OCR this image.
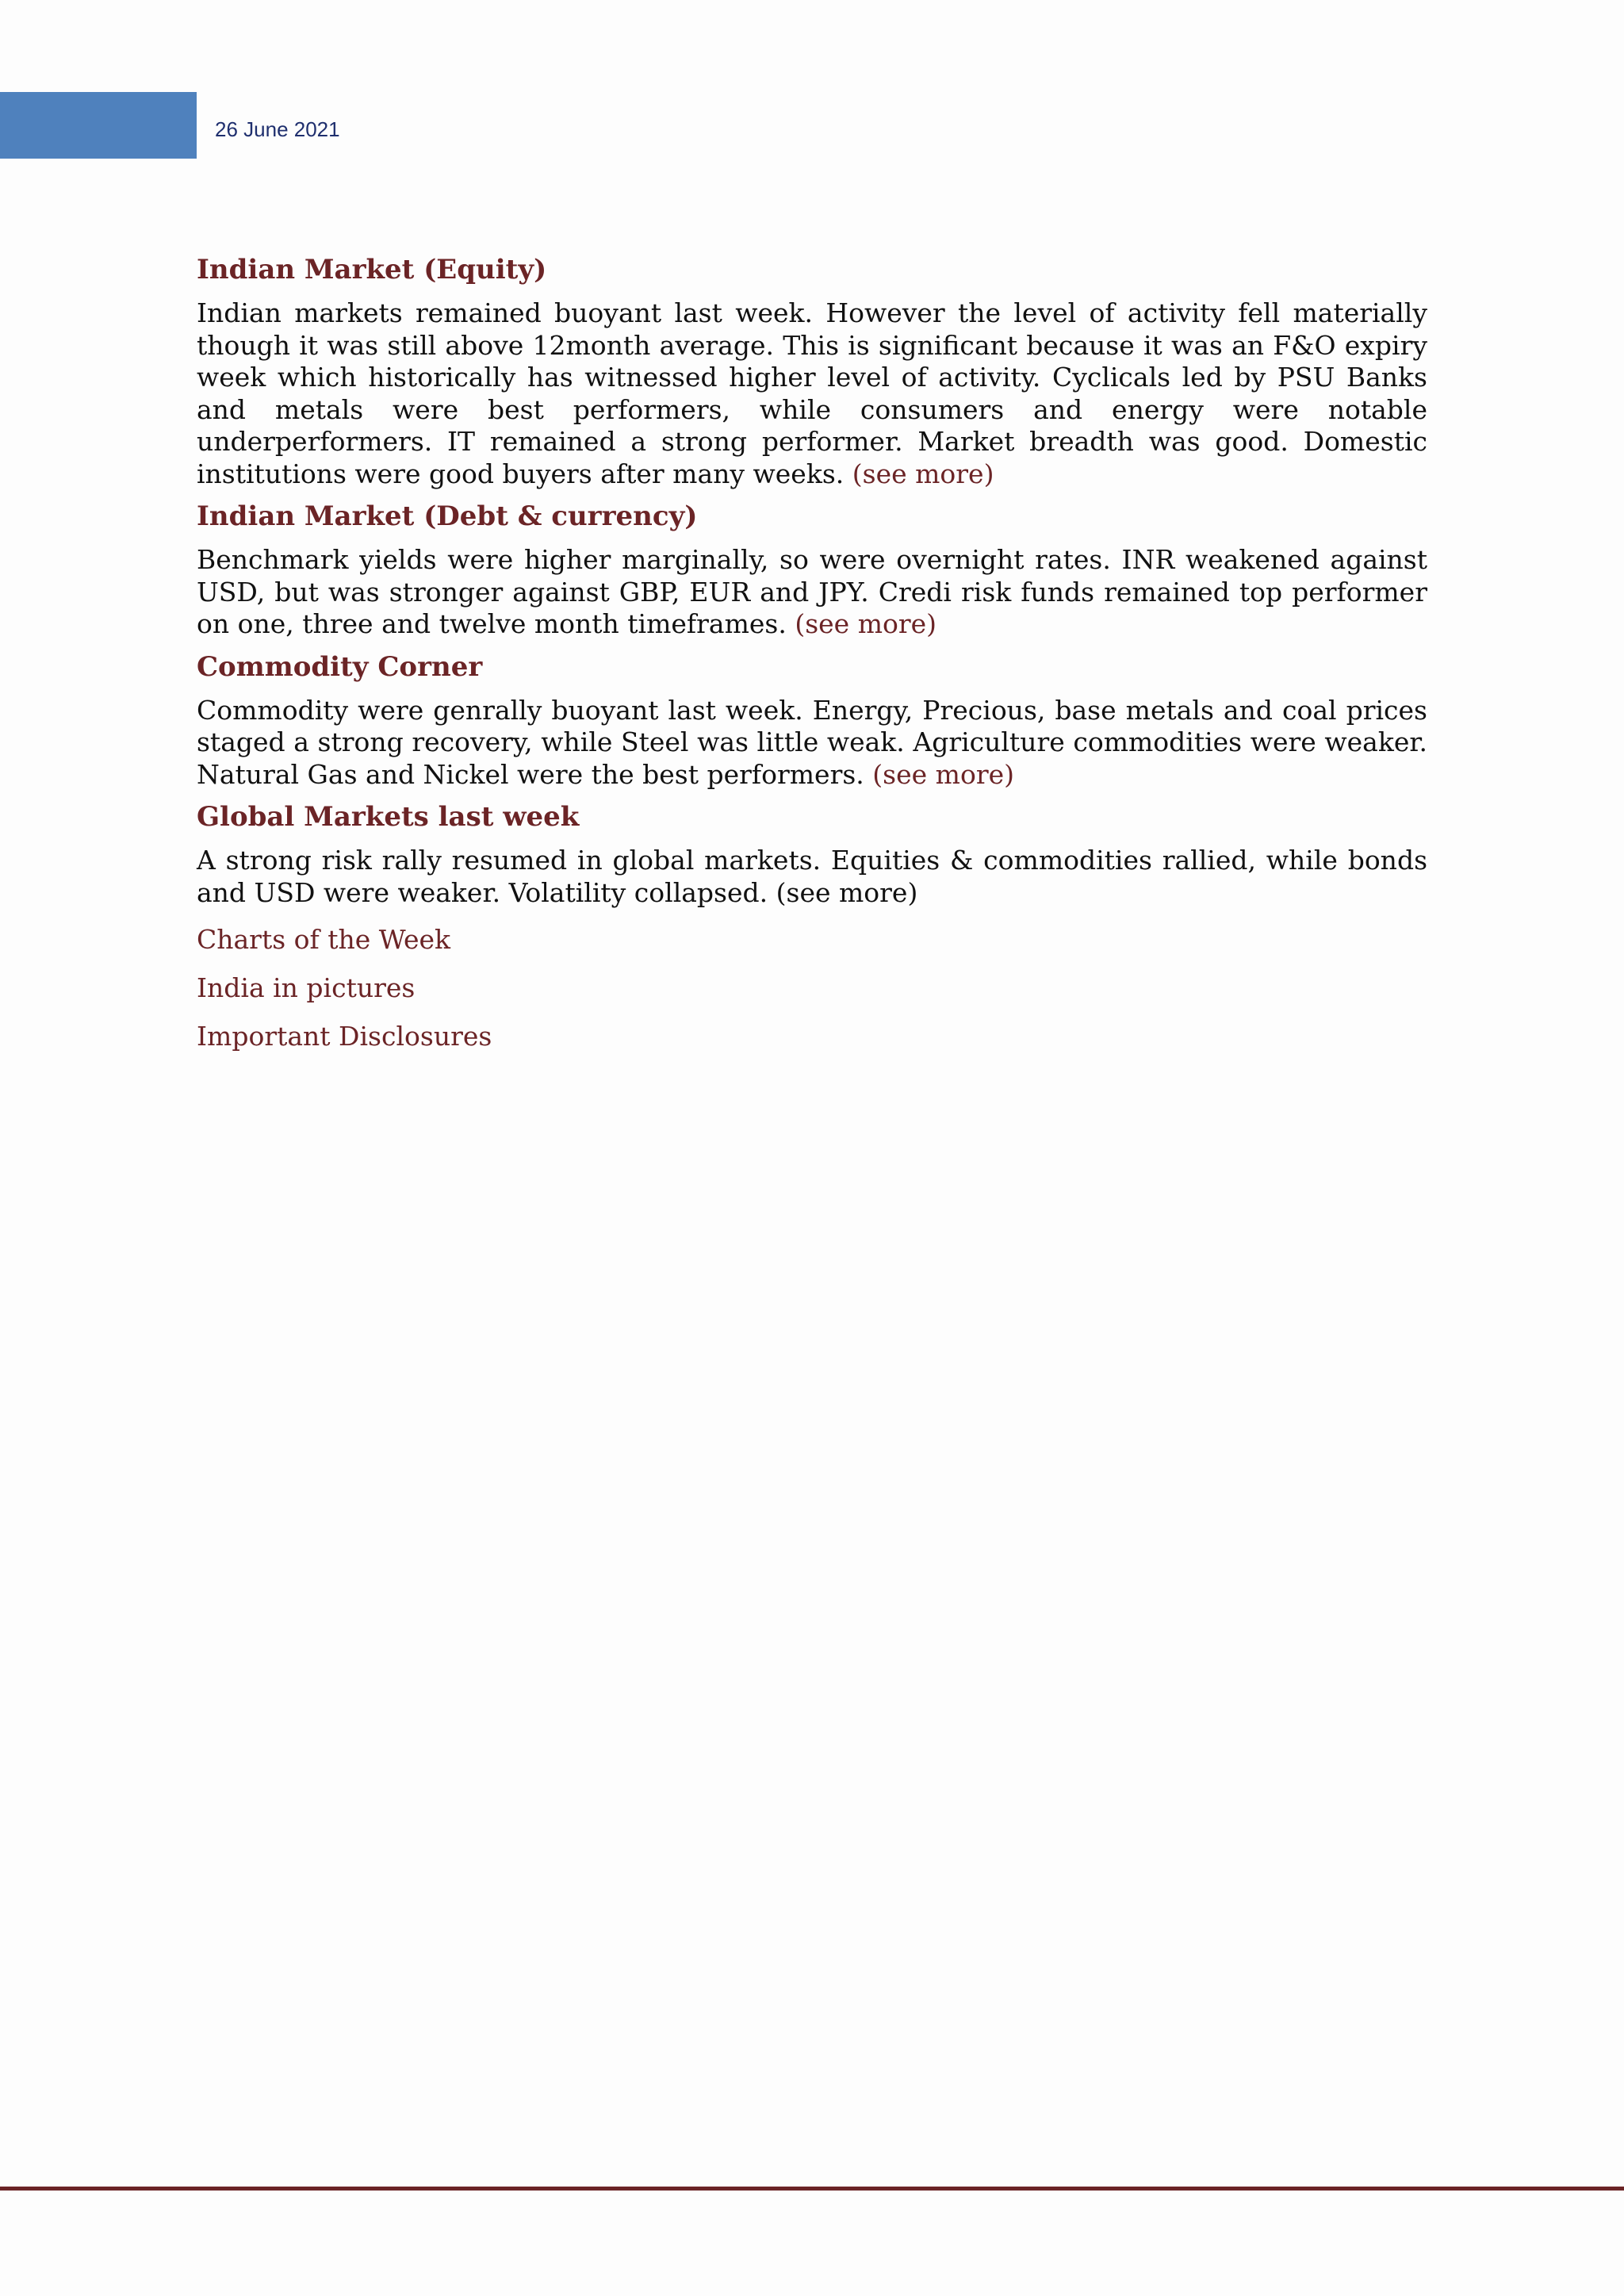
26 June 2021
Indian Market (Equity)

Indian markets remained buoyant last week. However the level of activity fell materially though it was still above 12month average. This is significant because it was an F&O expiry week which historically has witnessed higher level of activity. Cyclicals led by PSU Banks and metals were best performers, while consumers and energy were notable underperformers. IT remained a strong performer. Market breadth was good. Domestic institutions were good buyers after many weeks. (see more)

Indian Market (Debt & currency)

Benchmark yields were higher marginally, so were overnight rates. INR weakened against USD, but was stronger against GBP, EUR and JPY. Credi risk funds remained top performer on one, three and twelve month timeframes. (see more)

Commodity Corner

Commodity were genrally buoyant last week. Energy, Precious, base metals and coal prices staged a strong recovery, while Steel was little weak. Agriculture commodities were weaker. Natural Gas and Nickel were the best performers. (see more)

Global Markets last week

A strong risk rally resumed in global markets. Equities & commodities rallied, while bonds and USD were weaker. Volatility collapsed. (see more)

Charts of the Week
India in pictures
Important Disclosures
